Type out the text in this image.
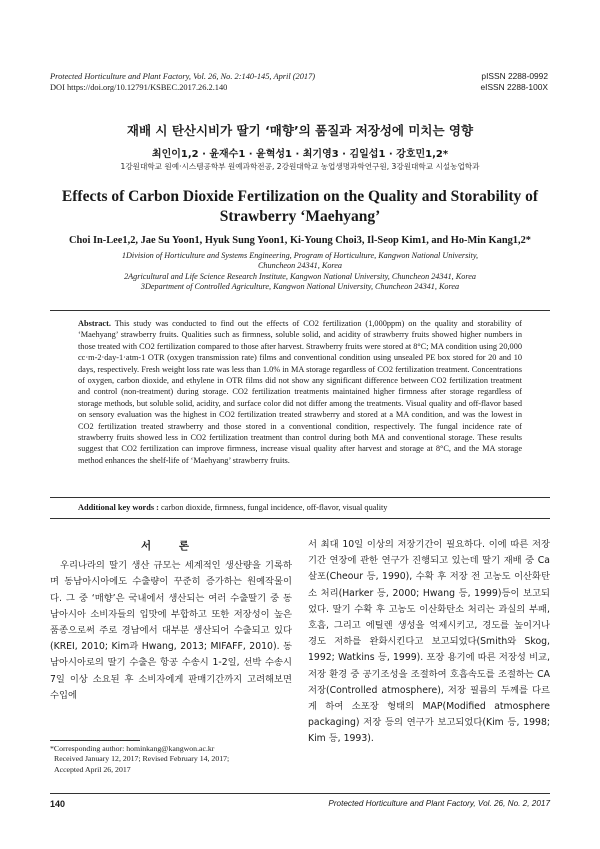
Protected Horticulture and Plant Factory, Vol. 26, No. 2:140-145, April (2017)
DOI https://doi.org/10.12791/KSBEC.2017.26.2.140
pISSN 2288-0992
eISSN 2288-100X
재배 시 탄산시비가 딸기 ‘매향’의 품질과 저장성에 미치는 영향
최인이1,2 · 윤재수1 · 윤혁성1 · 최기영3 · 김일섭1 · 강호민1,2*
1강원대학교 원예·시스템공학부 원예과학전공, 2강원대학교 농업생명과학연구원, 3강원대학교 시설농업학과
Effects of Carbon Dioxide Fertilization on the Quality and Storability of Strawberry ‘Maehyang’
Choi In-Lee1,2, Jae Su Yoon1, Hyuk Sung Yoon1, Ki-Young Choi3, Il-Seop Kim1, and Ho-Min Kang1,2*
1Division of Horticulture and Systems Engineering, Program of Horticulture, Kangwon National University,
Chuncheon 24341, Korea
2Agricultural and Life Science Research Institute, Kangwon National University, Chuncheon 24341, Korea
3Department of Controlled Agriculture, Kangwon National University, Chuncheon 24341, Korea
Abstract. This study was conducted to find out the effects of CO2 fertilization (1,000ppm) on the quality and storability of ‘Maehyang’ strawberry fruits. Qualities such as firmness, soluble solid, and acidity of strawberry fruits showed higher numbers in those treated with CO2 fertilization compared to those after harvest. Strawberry fruits were stored at 8°C; MA condition using 20,000 cc·m-2·day-1·atm-1 OTR (oxygen transmission rate) films and conventional condition using unsealed PE box stored for 20 and 10 days, respectively. Fresh weight loss rate was less than 1.0% in MA storage regardless of CO2 fertilization treatment. Concentrations of oxygen, carbon dioxide, and ethylene in OTR films did not show any significant difference between CO2 fertilization treatment and control (non-treatment) during storage. CO2 fertilization treatments maintained higher firmness after storage regardless of storage methods, but soluble solid, acidity, and surface color did not differ among the treatments. Visual quality and off-flavor based on sensory evaluation was the highest in CO2 fertilization treated strawberry and stored at a MA condition, and was the lowest in CO2 fertilization treated strawberry and those stored in a conventional condition, respectively. The fungal incidence rate of strawberry fruits showed less in CO2 fertilization treatment than control during both MA and conventional storage. These results suggest that CO2 fertilization can improve firmness, increase visual quality after harvest and storage at 8°C, and the MA storage method enhances the shelf-life of ‘Maehyang’ strawberry fruits.
Additional key words : carbon dioxide, firmness, fungal incidence, off-flavor, visual quality
서 론
우리나라의 딸기 생산 규모는 세계적인 생산량을 기록하며 동남아시아에도 수출량이 꾸준히 증가하는 원예작물이다. 그 중 ‘매향’은 국내에서 생산되는 여러 수출딸기 중 동남아시아 소비자들의 입맛에 부합하고 또한 저장성이 높은 품종으로써 주로 경남에서 대부분 생산되어 수출되고 있다(KREI, 2010; Kim과 Hwang, 2013; MIFAFF, 2010). 동남아시아로의 딸기 수출은 항공 수송시 1-2일, 선박 수송시 7일 이상 소요된 후 소비자에게 판매기간까지 고려해보면 수입에
서 최대 10일 이상의 저장기간이 필요하다. 이에 따른 저장기간 연장에 관한 연구가 진행되고 있는데 딸기 재배 중 Ca 살포(Cheour 등, 1990), 수확 후 저장 전 고농도 이산화탄소 처리(Harker 등, 2000; Hwang 등, 1999)등이 보고되었다. 딸기 수확 후 고농도 이산화탄소 처리는 과실의 부패, 호흡, 그리고 에틸렌 생성을 억제시키고, 경도를 높이거나 경도 저하를 완화시킨다고 보고되었다(Smith와 Skog, 1992; Watkins 등, 1999). 포장 용기에 따른 저장성 비교, 저장 환경 중 공기조성을 조절하여 호흡속도를 조절하는 CA 저장(Controlled atmosphere), 저장 필름의 두께를 다르게 하여 소포장 형태의 MAP(Modified atmosphere packaging) 저장 등의 연구가 보고되었다(Kim 등, 1998; Kim 등, 1993).
*Corresponding author: hominkang@kangwon.ac.kr
Received January 12, 2017; Revised February 14, 2017;
Accepted April 26, 2017
140	Protected Horticulture and Plant Factory, Vol. 26, No. 2, 2017
